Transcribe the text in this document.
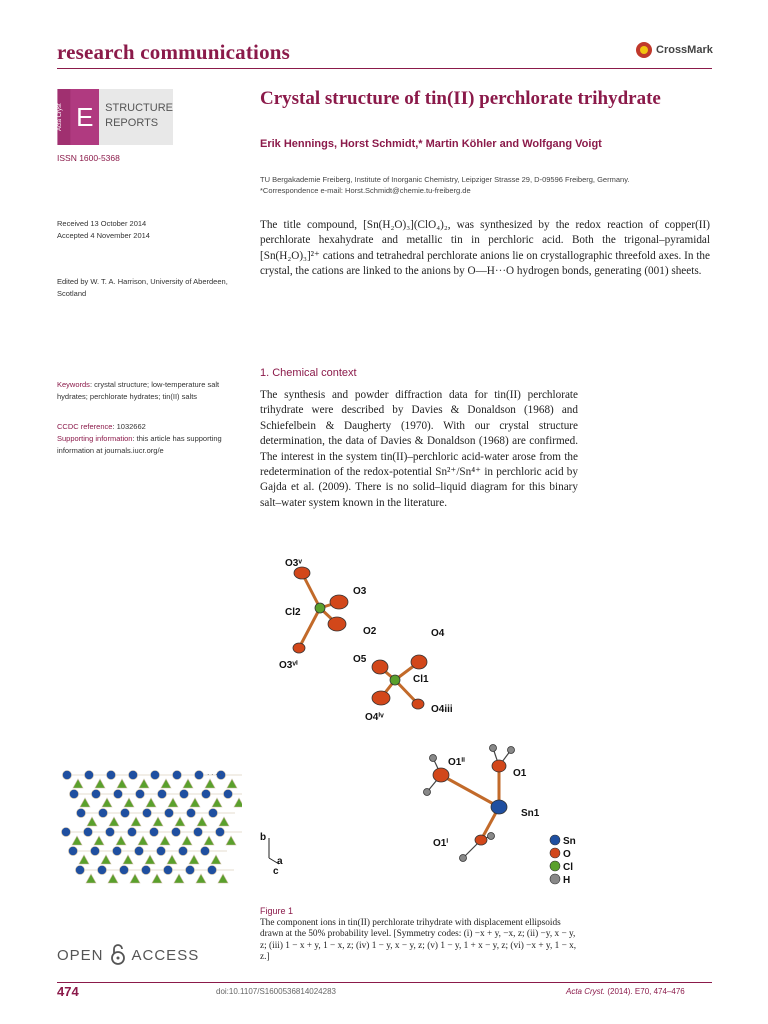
research communications	CrossMark
Acta Cryst E	STRUCTURE
REPORTS
ISSN 1600-5368
Crystal structure of tin(II) perchlorate trihydrate
Erik Hennings, Horst Schmidt,* Martin Köhler and Wolfgang Voigt
TU Bergakademie Freiberg, Institute of Inorganic Chemistry, Leipziger Strasse 29, D-09596 Freiberg, Germany.
*Correspondence e-mail: Horst.Schmidt@chemie.tu-freiberg.de
Received 13 October 2014
Accepted 4 November 2014
Edited by W. T. A. Harrison, University of Aberdeen, Scotland
Keywords: crystal structure; low-temperature salt hydrates; perchlorate hydrates; tin(II) salts
CCDC reference: 1032662
Supporting information: this article has supporting information at journals.iucr.org/e
The title compound, [Sn(H₂O)₃](ClO₄)₂, was synthesized by the redox reaction of copper(II) perchlorate hexahydrate and metallic tin in perchloric acid. Both the trigonal–pyramidal [Sn(H₂O)₃]²⁺ cations and tetrahedral perchlorate anions lie on crystallographic threefold axes. In the crystal, the cations are linked to the anions by O—H···O hydrogen bonds, generating (001) sheets.
1. Chemical context
The synthesis and powder diffraction data for tin(II) perchlorate trihydrate were described by Davies & Donaldson (1968) and Schiefelbein & Daugherty (1970). With our crystal structure determination, the data of Davies & Donaldson (1968) are confirmed. The interest in the system tin(II)–perchloric acid-water arose from the redetermination of the redox-potential Sn²⁺/Sn⁴⁺ in perchloric acid by Gajda et al. (2009). There is no solid–liquid diagram for this binary salt–water system known in the literature.
· · · ·
O3ᵛ
O3
Cl2
O2	O4
O5
O3ᵛⁱ
Cl1
O4ⁱᵛ
O4iii
O1ⁱⁱ
O1
Sn1
O1ⁱ
b
a
c
Sn
O
Cl
H
Figure 1
The component ions in tin(II) perchlorate trihydrate with displacement ellipsoids drawn at the 50% probability level. [Symmetry codes: (i) −x + y, −x, z; (ii) −y, x − y, z; (iii) 1 − x + y, 1 − x, z; (iv) 1 − y, x − y, z; (v) 1 − y, 1 + x − y, z; (vi) −x + y, 1 − x, z.]
OPEN ACCESS
474	doi:10.1107/S1600536814024283	Acta Cryst. (2014). E70, 474–476
